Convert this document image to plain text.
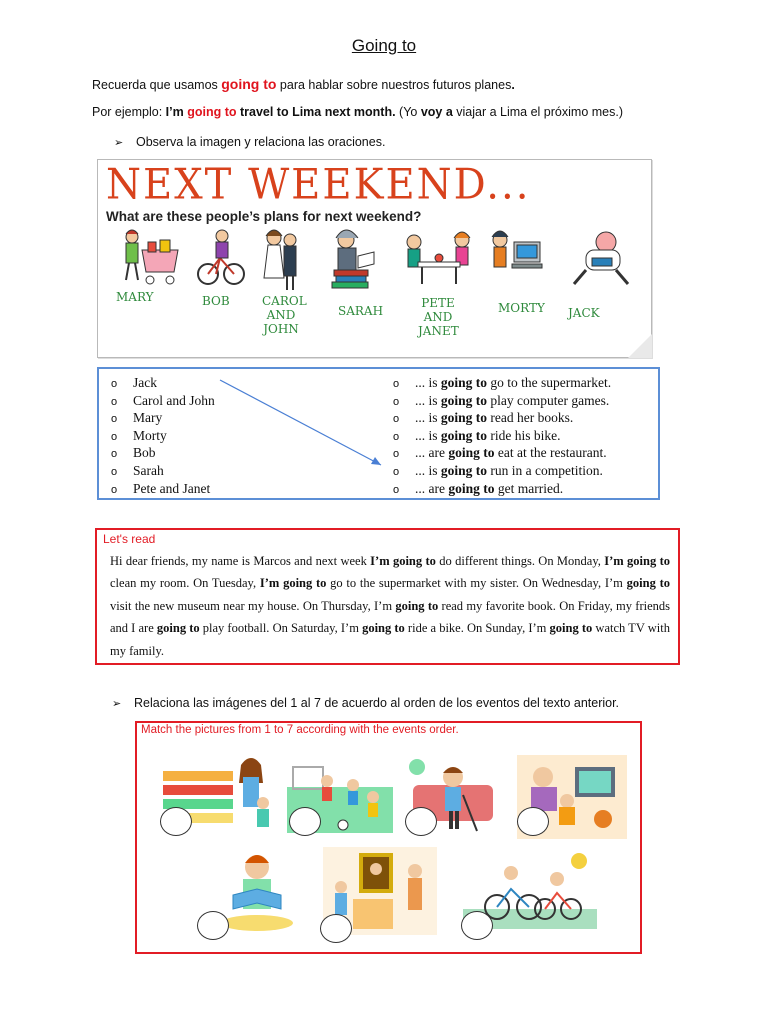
Going to
Recuerda que usamos going to para hablar sobre nuestros futuros planes.
Por ejemplo: I’m going to travel to Lima next month. (Yo voy a viajar a Lima el próximo mes.)
➢ Observa la imagen y relaciona las oraciones.
NEXT WEEKEND...
What are these people’s plans for next weekend?
MARY	BOB	CAROL AND JOHN
SARAH
PETE AND JANET
MORTY JACK
o Jack
o Carol and John
o Mary
o Morty
o Bob
o Sarah
o Pete and Janet
o ... is going to go to the supermarket.
o ... is going to play computer games.
o ... is going to read her books.
o ... is going to ride his bike.
o ... are going to eat at the restaurant.
o ... is going to run in a competition.
o ... are going to get married.
Let's read
Hi dear friends, my name is Marcos and next week I’m going to do different things. On Monday, I’m going to clean my room. On Tuesday, I’m going to go to the supermarket with my sister. On Wednesday, I’m going to visit the new museum near my house. On Thursday, I’m going to read my favorite book. On Friday, my friends and I are going to play football. On Saturday, I’m going to ride a bike. On Sunday, I’m going to watch TV with my family.
➢ Relaciona las imágenes del 1 al 7 de acuerdo al orden de los eventos del texto anterior.
Match the pictures from 1 to 7 according with the events order.
